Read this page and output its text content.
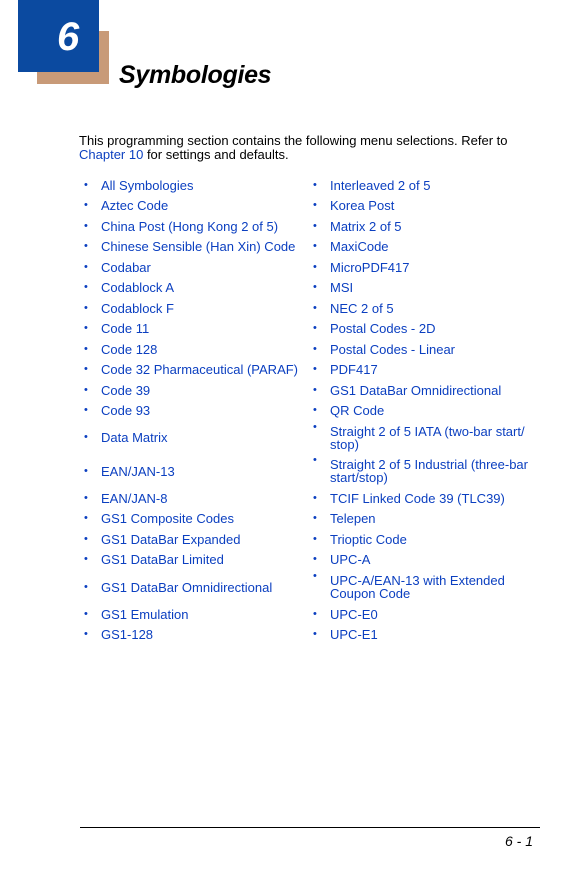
6
Symbologies
This programming section contains the following menu selections. Refer to
Chapter 10 for settings and defaults.
•	All Symbologies
•	Aztec Code
•	China Post (Hong Kong 2 of 5)
•	Chinese Sensible (Han Xin) Code
•	Codabar
•	Codablock A
•	Codablock F
•	Code 11
•	Code 128
•	Code 32 Pharmaceutical (PARAF)
•	Code 39
•	Code 93
•	Data Matrix
•	EAN/JAN-13
•	EAN/JAN-8
•	GS1 Composite Codes
•	GS1 DataBar Expanded
•	GS1 DataBar Limited
•	GS1 DataBar Omnidirectional
•	GS1 Emulation
•	GS1-128
•	Interleaved 2 of 5
•	Korea Post
•	Matrix 2 of 5
•	MaxiCode
•	MicroPDF417
•	MSI
•	NEC 2 of 5
•	Postal Codes - 2D
•	Postal Codes - Linear
•	PDF417
•	GS1 DataBar Omnidirectional
•	QR Code
•	Straight 2 of 5 IATA (two-bar start/
stop)
•	Straight 2 of 5 Industrial (three-bar
start/stop)
•	TCIF Linked Code 39 (TLC39)
•	Telepen
•	Trioptic Code
•	UPC-A
•	UPC-A/EAN-13 with Extended
Coupon Code
•	UPC-E0
•	UPC-E1
6 - 1
